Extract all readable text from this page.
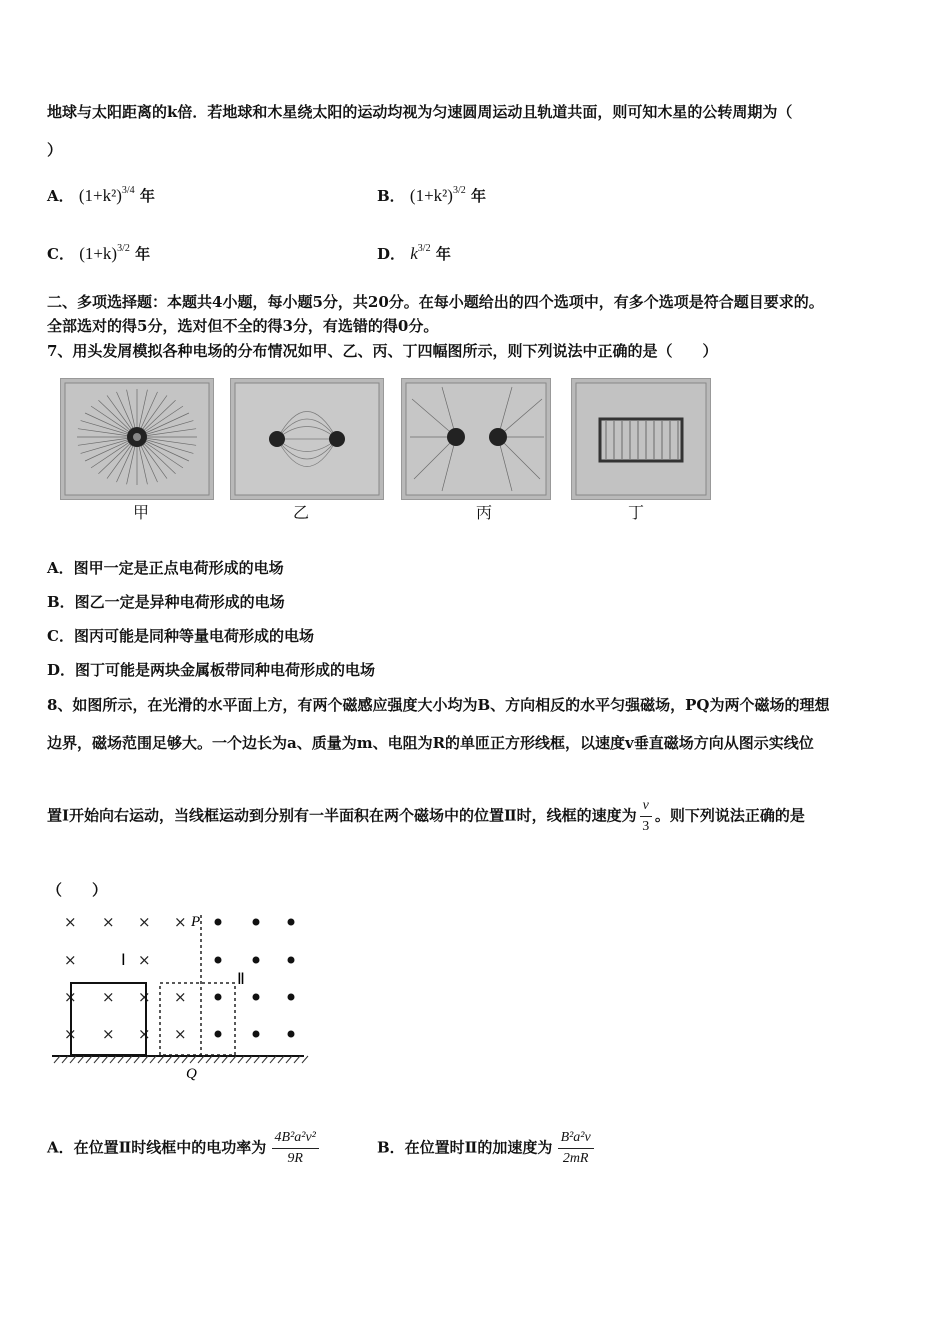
地球与太阳距离的k倍．若地球和木星绕太阳的运动均视为匀速圆周运动且轨道共面，则可知木星的公转周期为（
）
A． $(1+k^2)^{3/4}$ 年	B． $(1+k^2)^{3/2}$ 年
C． $(1+k)^{3/2}$ 年	D． $k^{3/2}$ 年
二、多项选择题：本题共4小题，每小题5分，共20分。在每小题给出的四个选项中，有多个选项是符合题目要求的。
全部选对的得5分，选对但不全的得3分，有选错的得0分。
7、用头发屑模拟各种电场的分布情况如甲、乙、丙、丁四幅图所示，则下列说法中正确的是（　　）
甲	乙	丙	丁
A．图甲一定是正点电荷形成的电场
B．图乙一定是异种电荷形成的电场
C．图丙可能是同种等量电荷形成的电场
D．图丁可能是两块金属板带同种电荷形成的电场
8、如图所示，在光滑的水平面上方，有两个磁感应强度大小均为B、方向相反的水平匀强磁场，PQ为两个磁场的理想
边界，磁场范围足够大。一个边长为a、质量为m、电阻为R的单匝正方形线框，以速度v垂直磁场方向从图示实线位
置Ⅰ开始向右运动，当线框运动到分别有一半面积在两个磁场中的位置Ⅱ时，线框的速度为 $\frac{v}{3}$ 。则下列说法正确的是
（　　）
× × × ×
×	×
× × × ×
× × × ×
P
Q
Ⅰ
Ⅱ
A．在位置Ⅱ时线框中的电功率为 $\frac{\text{4B²a²v²}}{9R}$	B．在位置时Ⅱ的加速度为 $\frac{\text{B²a²v}}{2mR}$
